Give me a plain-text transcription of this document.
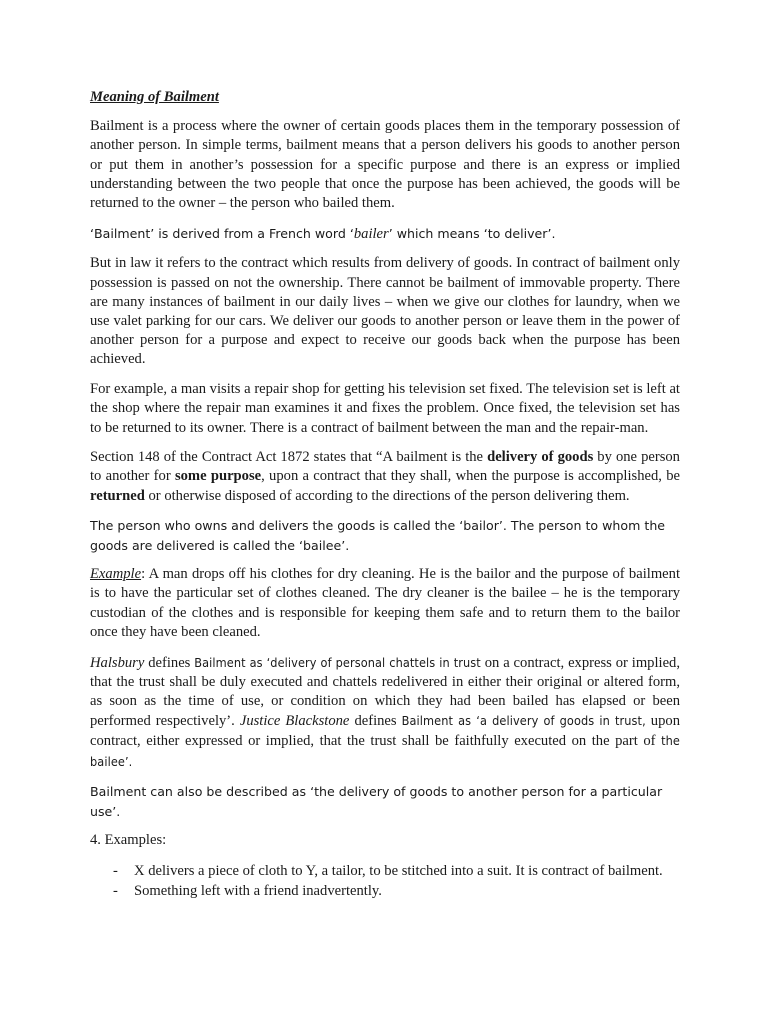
Meaning of Bailment

Bailment is a process where the owner of certain goods places them in the temporary possession of another person. In simple terms, bailment means that a person delivers his goods to another person or put them in another’s possession for a specific purpose and there is an express or implied understanding between the two people that once the purpose has been achieved, the goods will be returned to the owner – the person who bailed them.

‘Bailment’ is derived from a French word ‘bailer’ which means ‘to deliver’.

But in law it refers to the contract which results from delivery of goods. In contract of bailment only possession is passed on not the ownership. There cannot be bailment of immovable property. There are many instances of bailment in our daily lives – when we give our clothes for laundry, when we use valet parking for our cars. We deliver our goods to another person or leave them in the power of another person for a purpose and expect to receive our goods back when the purpose has been achieved.

For example, a man visits a repair shop for getting his television set fixed. The television set is left at the shop where the repair man examines it and fixes the problem. Once fixed, the television set has to be returned to its owner. There is a contract of bailment between the man and the repair-man.

Section 148 of the Contract Act 1872 states that “A bailment is the delivery of goods by one person to another for some purpose, upon a contract that they shall, when the purpose is accomplished, be returned or otherwise disposed of according to the directions of the person delivering them.

The person who owns and delivers the goods is called the ‘bailor’. The person to whom the goods are delivered is called the ‘bailee’.

Example: A man drops off his clothes for dry cleaning. He is the bailor and the purpose of bailment is to have the particular set of clothes cleaned. The dry cleaner is the bailee – he is the temporary custodian of the clothes and is responsible for keeping them safe and to return them to the bailor once they have been cleaned.

Halsbury defines Bailment as ‘delivery of personal chattels in trust on a contract, express or implied, that the trust shall be duly executed and chattels redelivered in either their original or altered form, as soon as the time of use, or condition on which they had been bailed has elapsed or been performed respectively’. Justice Blackstone defines Bailment as ‘a delivery of goods in trust, upon contract, either expressed or implied, that the trust shall be faithfully executed on the part of the bailee’.

Bailment can also be described as ‘the delivery of goods to another person for a particular use’.

4. Examples:

- X delivers a piece of cloth to Y, a tailor, to be stitched into a suit. It is contract of bailment.
- Something left with a friend inadvertently.
